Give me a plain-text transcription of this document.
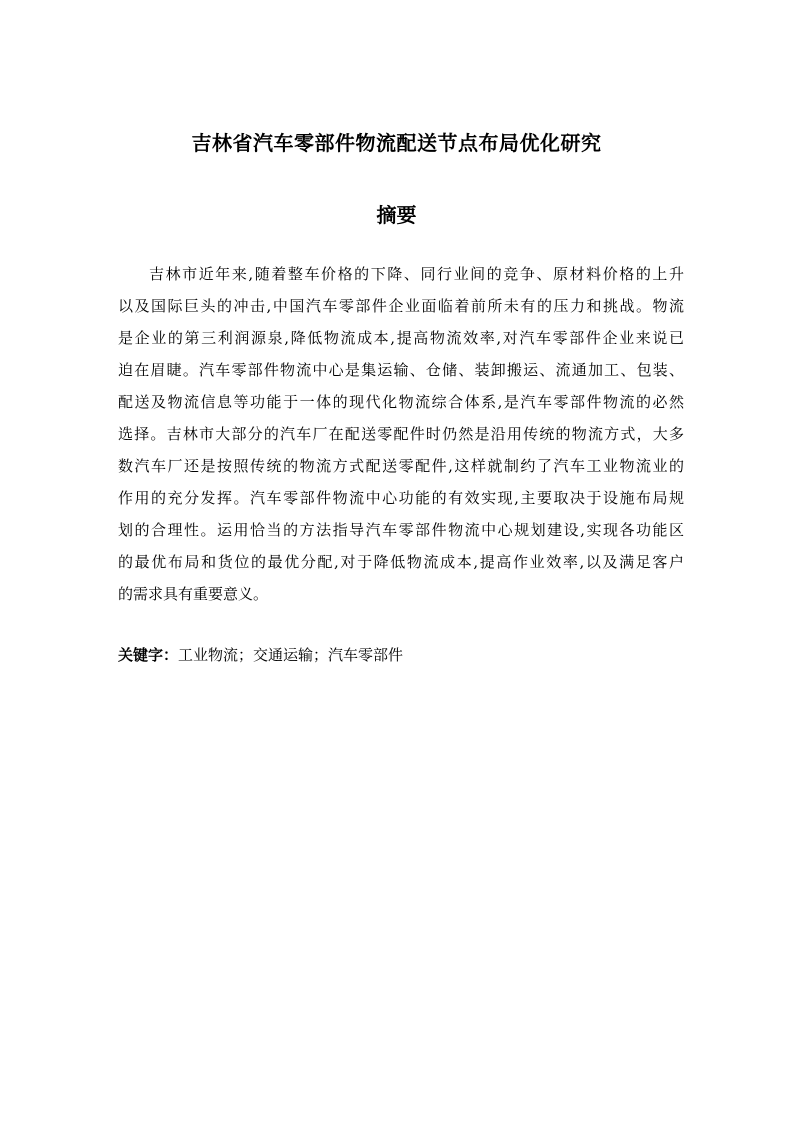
吉林省汽车零部件物流配送节点布局优化研究
摘要
吉林市近年来,随着整车价格的下降、同行业间的竞争、原材料价格的上升
以及国际巨头的冲击,中国汽车零部件企业面临着前所未有的压力和挑战。物流
是企业的第三利润源泉,降低物流成本,提高物流效率,对汽车零部件企业来说已
迫在眉睫。汽车零部件物流中心是集运输、仓储、装卸搬运、流通加工、包装、
配送及物流信息等功能于一体的现代化物流综合体系,是汽车零部件物流的必然
选择。吉林市大部分的汽车厂在配送零配件时仍然是沿用传统的物流方式，大多
数汽车厂还是按照传统的物流方式配送零配件,这样就制约了汽车工业物流业的
作用的充分发挥。汽车零部件物流中心功能的有效实现,主要取决于设施布局规
划的合理性。运用恰当的方法指导汽车零部件物流中心规划建设,实现各功能区
的最优布局和货位的最优分配,对于降低物流成本,提高作业效率,以及满足客户
的需求具有重要意义。
关键字：工业物流；交通运输；汽车零部件
